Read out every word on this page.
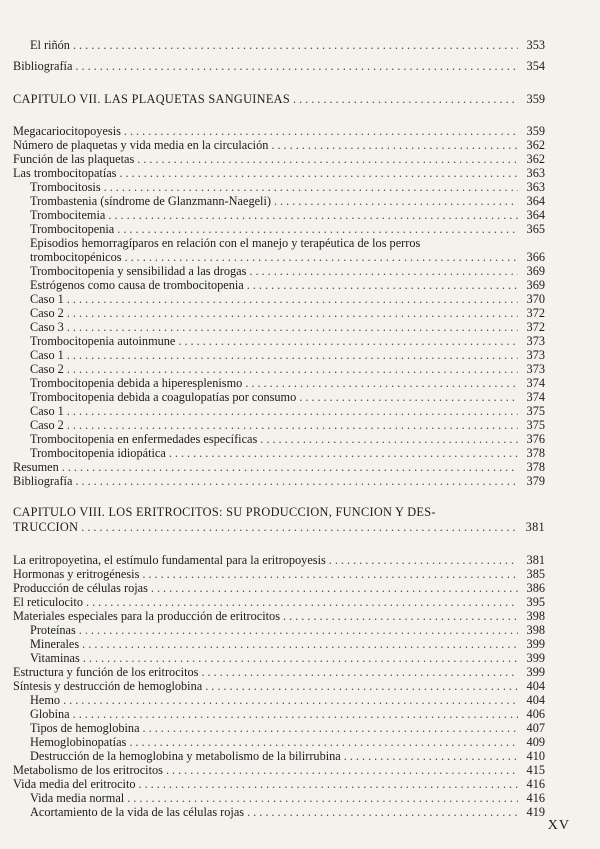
El riñón .....	353
Bibliografía .....	354
CAPITULO VII. LAS PLAQUETAS SANGUINEAS .....	359
Megacariocitopoyesis .....	359
Número de plaquetas y vida media en la circulación .....	362
Función de las plaquetas .....	362
Las trombocitopatías .....	363
Trombocitosis .....	363
Trombastenia (síndrome de Glanzmann-Naegeli) .....	364
Trombocitemia .....	364
Trombocitopenia .....	365
Episodios hemorragíparos en relación con el manejo y terapéutica de los perros
trombocitopénicos .....	366
Trombocitopenia y sensibilidad a las drogas .....	369
Estrógenos como causa de trombocitopenia .....	369
Caso 1 .....	370
Caso 2 .....	372
Caso 3 .....	372
Trombocitopenia autoinmune .....	373
Caso 1 .....	373
Caso 2 .....	373
Trombocitopenia debida a hiperesplenismo .....	374
Trombocitopenia debida a coagulopatías por consumo .....	374
Caso 1 .....	375
Caso 2 .....	375
Trombocitopenia en enfermedades específicas .....	376
Trombocitopenia idiopática .....	378
Resumen .....	378
Bibliografía .....	379
CAPITULO VIII. LOS ERITROCITOS: SU PRODUCCION, FUNCION Y DES-
TRUCCION .....	381
La eritropoyetina, el estímulo fundamental para la eritropoyesis .....	381
Hormonas y eritrogénesis .....	385
Producción de células rojas .....	386
El reticulocito .....	395
Materiales especiales para la producción de eritrocitos .....	398
Proteínas .....	398
Minerales .....	399
Vitaminas .....	399
Estructura y función de los eritrocitos .....	399
Síntesis y destrucción de hemoglobina .....	404
Hemo .....	404
Globina .....	406
Tipos de hemoglobina .....	407
Hemoglobinopatías .....	409
Destrucción de la hemoglobina y metabolismo de la bilirrubina .....	410
Metabolismo de los eritrocitos .....	415
Vida media del eritrocito .....	416
Vida media normal .....	416
Acortamiento de la vida de las células rojas .....	419
XV
